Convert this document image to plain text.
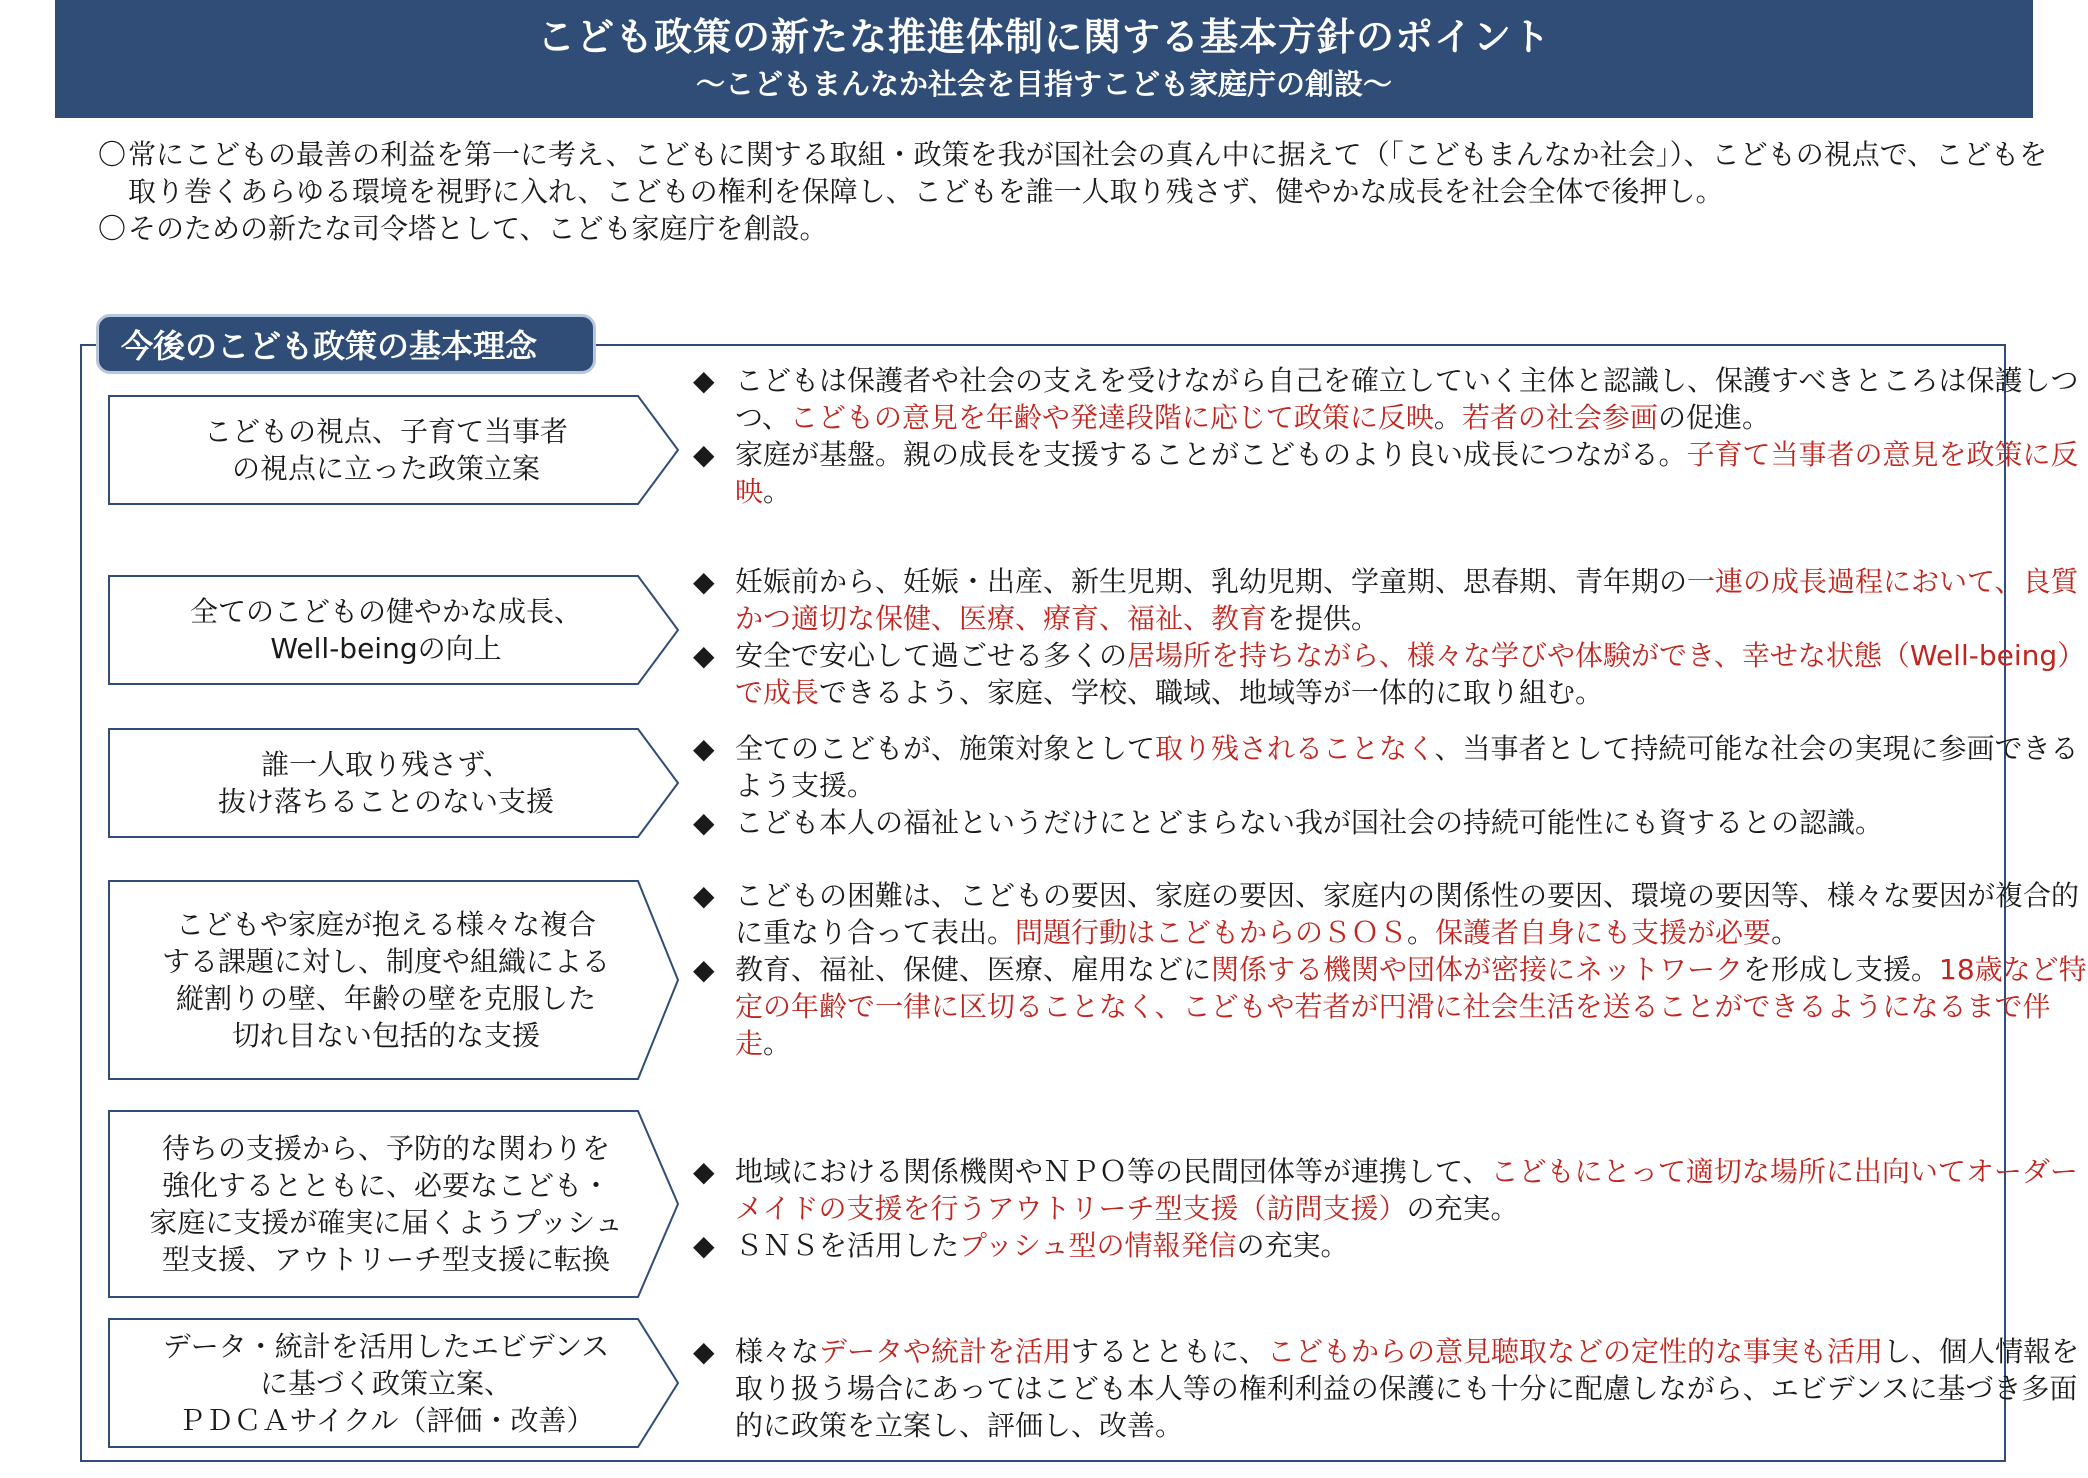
こども政策の新たな推進体制に関する基本方針のポイント
～こどもまんなか社会を目指すこども家庭庁の創設～
〇 常にこどもの最善の利益を第一に考え、こどもに関する取組・政策を我が国社会の真ん中に据えて（「こどもまんなか社会」）、こどもの視点で、こどもを取り巻くあらゆる環境を視野に入れ、こどもの権利を保障し、こどもを誰一人取り残さず、健やかな成長を社会全体で後押し。
〇 そのための新たな司令塔として、こども家庭庁を創設。
今後のこども政策の基本理念
こどもの視点、子育て当事者
の視点に立った政策立案
◆ こどもは保護者や社会の支えを受けながら自己を確立していく主体と認識し、保護すべきところは保護しつつ、こどもの意見を年齢や発達段階に応じて政策に反映。若者の社会参画の促進。
◆ 家庭が基盤。親の成長を支援することがこどものより良い成長につながる。子育て当事者の意見を政策に反映。
全てのこどもの健やかな成長、
Well-beingの向上
◆ 妊娠前から、妊娠・出産、新生児期、乳幼児期、学童期、思春期、青年期の一連の成長過程において、良質かつ適切な保健、医療、療育、福祉、教育を提供。
◆ 安全で安心して過ごせる多くの居場所を持ちながら、様々な学びや体験ができ、幸せな状態（Well-being）で成長できるよう、家庭、学校、職域、地域等が一体的に取り組む。
誰一人取り残さず、
抜け落ちることのない支援
◆ 全てのこどもが、施策対象として取り残されることなく、当事者として持続可能な社会の実現に参画できるよう支援。
◆ こども本人の福祉というだけにとどまらない我が国社会の持続可能性にも資するとの認識。
こどもや家庭が抱える様々な複合
する課題に対し、制度や組織による
縦割りの壁、年齢の壁を克服した
切れ目ない包括的な支援
◆ こどもの困難は、こどもの要因、家庭の要因、家庭内の関係性の要因、環境の要因等、様々な要因が複合的に重なり合って表出。問題行動はこどもからのＳＯＳ。保護者自身にも支援が必要。
◆ 教育、福祉、保健、医療、雇用などに関係する機関や団体が密接にネットワークを形成し支援。18歳など特定の年齢で一律に区切ることなく、こどもや若者が円滑に社会生活を送ることができるようになるまで伴走。
待ちの支援から、予防的な関わりを
強化するとともに、必要なこども・
家庭に支援が確実に届くようプッシュ
型支援、アウトリーチ型支援に転換
◆ 地域における関係機関やＮＰＯ等の民間団体等が連携して、こどもにとって適切な場所に出向いてオーダーメイドの支援を行うアウトリーチ型支援（訪問支援）の充実。
◆ ＳＮＳを活用したプッシュ型の情報発信の充実。
データ・統計を活用したエビデンス
に基づく政策立案、
ＰＤＣＡサイクル（評価・改善）
◆ 様々なデータや統計を活用するとともに、こどもからの意見聴取などの定性的な事実も活用し、個人情報を取り扱う場合にあってはこども本人等の権利利益の保護にも十分に配慮しながら、エビデンスに基づき多面的に政策を立案し、評価し、改善。
